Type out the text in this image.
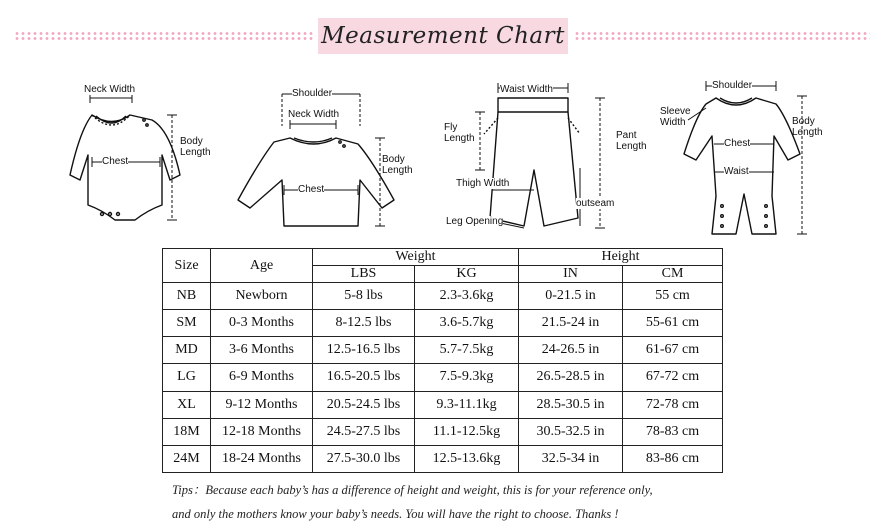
Measurement Chart
Neck Width
Chest
Body Length
Shoulder
Neck Width
Chest
Body Length
Waist Width
Fly Length	Pant Length
Thigh Width
outseam
Leg Opening
Shoulder
Sleeve Width	Body Length
Chest
Waist
Size	Age	Weight		Height	
		LBS	KG	IN	CM
NB	Newborn	5-8 lbs	2.3-3.6kg	0-21.5 in	55 cm
SM	0-3 Months	8-12.5 lbs	3.6-5.7kg	21.5-24 in	55-61 cm
MD	3-6 Months	12.5-16.5 lbs	5.7-7.5kg	24-26.5 in	61-67 cm
LG	6-9 Months	16.5-20.5 lbs	7.5-9.3kg	26.5-28.5 in	67-72 cm
XL	9-12 Months	20.5-24.5 lbs	9.3-11.1kg	28.5-30.5 in	72-78 cm
18M	12-18 Months	24.5-27.5 lbs	11.1-12.5kg	30.5-32.5 in	78-83 cm
24M	18-24 Months	27.5-30.0 lbs	12.5-13.6kg	32.5-34 in	83-86 cm
Tips：Because each baby’s has a difference of height and weight, this is for your reference only,
and only the mothers know your baby’s needs. You will have the right to choose. Thanks !
